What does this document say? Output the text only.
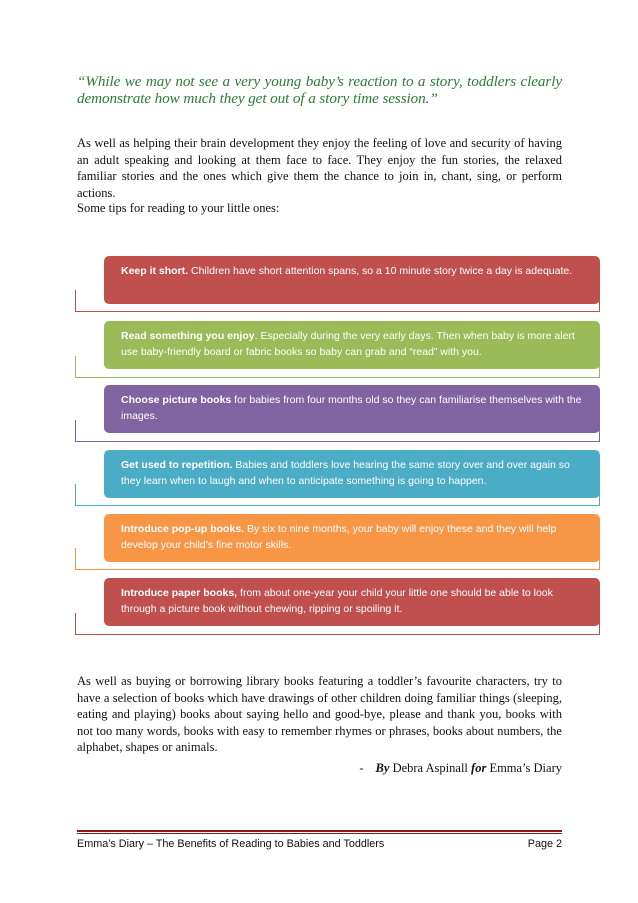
“While we may not see a very young baby’s reaction to a story, toddlers clearly demonstrate how much they get out of a story time session.”

As well as helping their brain development they enjoy the feeling of love and security of having an adult speaking and looking at them face to face. They enjoy the fun stories, the relaxed familiar stories and the ones which give them the chance to join in, chant, sing, or perform actions.

Some tips for reading to your little ones:

Keep it short. Children have short attention spans, so a 10 minute story twice a day is adequate.
Read something you enjoy. Especially during the very early days. Then when baby is more alert use baby-friendly board or fabric books so baby can grab and “read” with you.
Choose picture books for babies from four months old so they can familiarise themselves with the images.
Get used to repetition. Babies and toddlers love hearing the same story over and over again so they learn when to laugh and when to anticipate something is going to happen.
Introduce pop-up books. By six to nine months, your baby will enjoy these and they will help develop your child’s fine motor skills.
Introduce paper books, from about one-year your child your little one should be able to look through a picture book without chewing, ripping or spoiling it.

As well as buying or borrowing library books featuring a toddler’s favourite characters, try to have a selection of books which have drawings of other children doing familiar things (sleeping, eating and playing) books about saying hello and good-bye, please and thank you, books with not too many words, books with easy to remember rhymes or phrases, books about numbers, the alphabet, shapes or animals.

- By Debra Aspinall for Emma’s Diary

Emma’s Diary – The Benefits of Reading to Babies and Toddlers	Page 2
